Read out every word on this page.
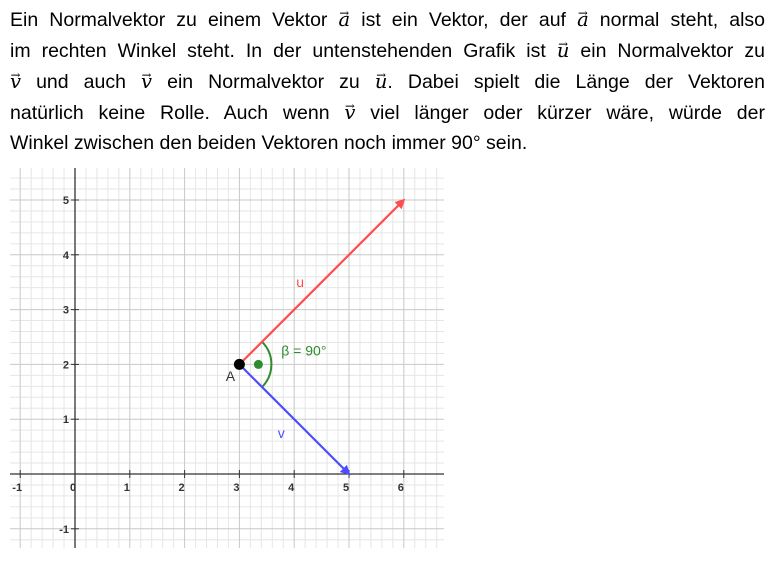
Ein Normalvektor zu einem Vektor → a ist ein Vektor, der auf → a normal steht, also
im rechten Winkel steht. In der untenstehenden Grafik ist → u ein Normalvektor zu
→ v und auch → v ein Normalvektor zu → u. Dabei spielt die Länge der Vektoren
natürlich keine Rolle. Auch wenn → v viel länger oder kürzer wäre, würde der
Winkel zwischen den beiden Vektoren noch immer 90° sein.
-1	0	1	2	3	4	5	6
-1
1
2
3
4
5
β = 90°
u
v
A
